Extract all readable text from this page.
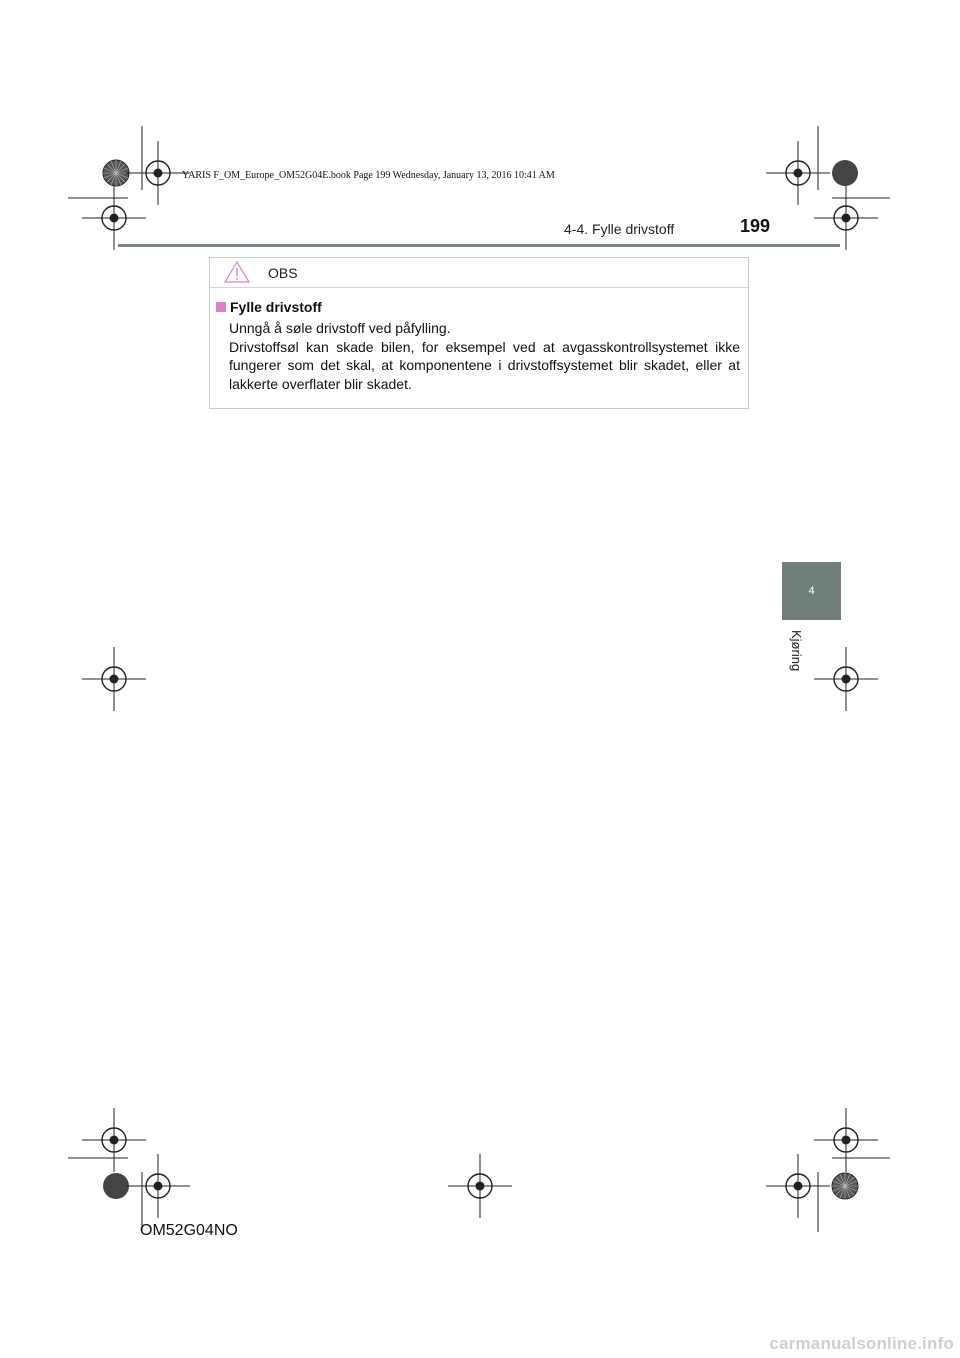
YARIS F_OM_Europe_OM52G04E.book Page 199 Wednesday, January 13, 2016 10:41 AM
4-4. Fylle drivstoff	199
OBS
Fylle drivstoff

Unngå å søle drivstoff ved påfylling.

Drivstoffsøl kan skade bilen, for eksempel ved at avgasskontrollsystemet ikke fungerer som det skal, at komponentene i drivstoffsystemet blir skadet, eller at lakkerte overflater blir skadet.

4
Kjøring
OM52G04NO
carmanualsonline.info
